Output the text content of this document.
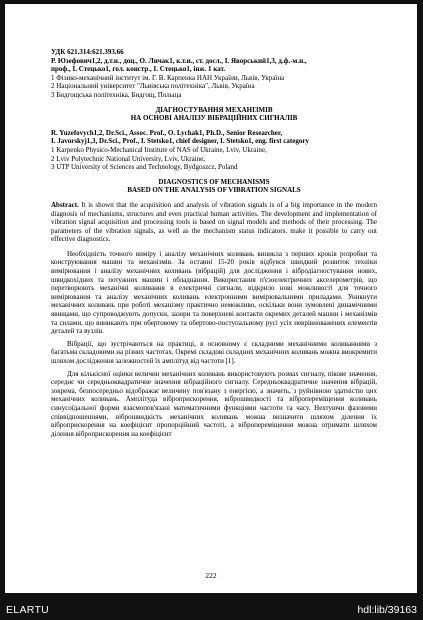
УДК 621.314:621.393.66
Р. Юзефович1,2, д.т.н., доц., О. Личак1, к.т.н., ст. досл., І. Яворський1,3, д.ф.-м.н.,
проф., І. Стецько1, гол. констр., І. Стецько1, інж. 1 кат.
1 Фізико-механічний інститут ім. Г. В. Карпенка НАН України, Львів, Україна
2 Національний університет "Львівська політехніка", Львів, Україна
3 Бидгощська політехніка, Бидгощ, Польща
ДІАГНОСТУВАННЯ МЕХАНІЗМІВ
НА ОСНОВІ АНАЛІЗУ ВІБРАЦІЙНИХ СИГНАЛІВ
R. Yuzefovych1,2, Dr.Sci., Assoc. Prof., O. Lychak1, Ph.D., Senior Researcher,
I. Javorskyj1,3, Dr.Sci., Prof., I. Stetsko1, chief designer, I. Stetsko1, eng. first category
1 Karpenko Physico-Mechanical Institute of NAS of Ukraine, Lviv, Ukraine,
2 Lviv Polytechnic National University, Lviv, Ukraine,
3 UTP University of Sciences and Technology, Bydgoszcz, Poland
DIAGNOSTICS OF MECHANISMS
BASED ON THE ANALYSIS OF VIBRATION SIGNALS

Abstract. It is shown that the acquisition and analysis of vibration signals is of a big importance in the modern diagnosis of mechanisms, structures and even practical human activities. The development and implementation of vibration signal acquisition and processing tools is based on signal models and methods of their processing. The parameters of the vibration signals, as well as the mechanism status indicators, make it possible to carry out effective diagnostics.

Необхідність точного виміру і аналізу механічних коливань виникла з перших кроків розробки та конструювання машин та механізмів. За останні 15-20 років відбувся швидкий розвиток техніки вимірювання і аналізу механічних коливань (вібрацій) для дослідження і вібродіагностування нових, швидкохідних та потужних машин і обладнання. Використання п'єзоелектричних акселерометрів, що перетворюють механічні коливання в електричні сигнали, відкрило нові можливості для точного вимірювання та аналізу механічних коливань електронними вимірювальними приладами. Уникнути механічних коливань при роботі механізму практично неможливо, оскільки вони зумовлені динамічними явищами, що супроводжують допуски, зазори та поверхневі контакти окремих деталей машин і механізмів та силами, що виникають при обертовому та обертово-поступальному русі усіх неврівноважених елементів деталей та вузлів.

Вібрації, що зустрічаються на практиці, в основному є складними механічними коливаннями з багатьма складовими на різних частотах. Окремі складові складних механічних коливань можна виокремити шляхом дослідження залежностей їх амплітуд від частоти [1].

Для кількісної оцінки величин механічних коливань використовують розмах сигналу, пікове значення, середнє чи середньоквадратичне значення вібраційного сигналу. Середньоквадратичне значення вібрацій, зокрема, безпосередньо відображає величину пов'язану з енергією, а значить, з руйнівною здатністю цих механічних коливань. Амплітуда віброприскорення, віброшвидкості та вібропереміщення коливань синусоїдальної форми взаємопов'язані математичними функціями частоти та часу. Нехтуючи фазовими співвідношеннями, віброшвидкість механічних коливань можна визначити шляхом ділення їх віброприскорення на коефіцієнт пропорційний частоті, а вібропереміщення можна отримати шляхом ділення віброприскорення на коефіцієнт

222
ELARTU	hdl:lib/39163
